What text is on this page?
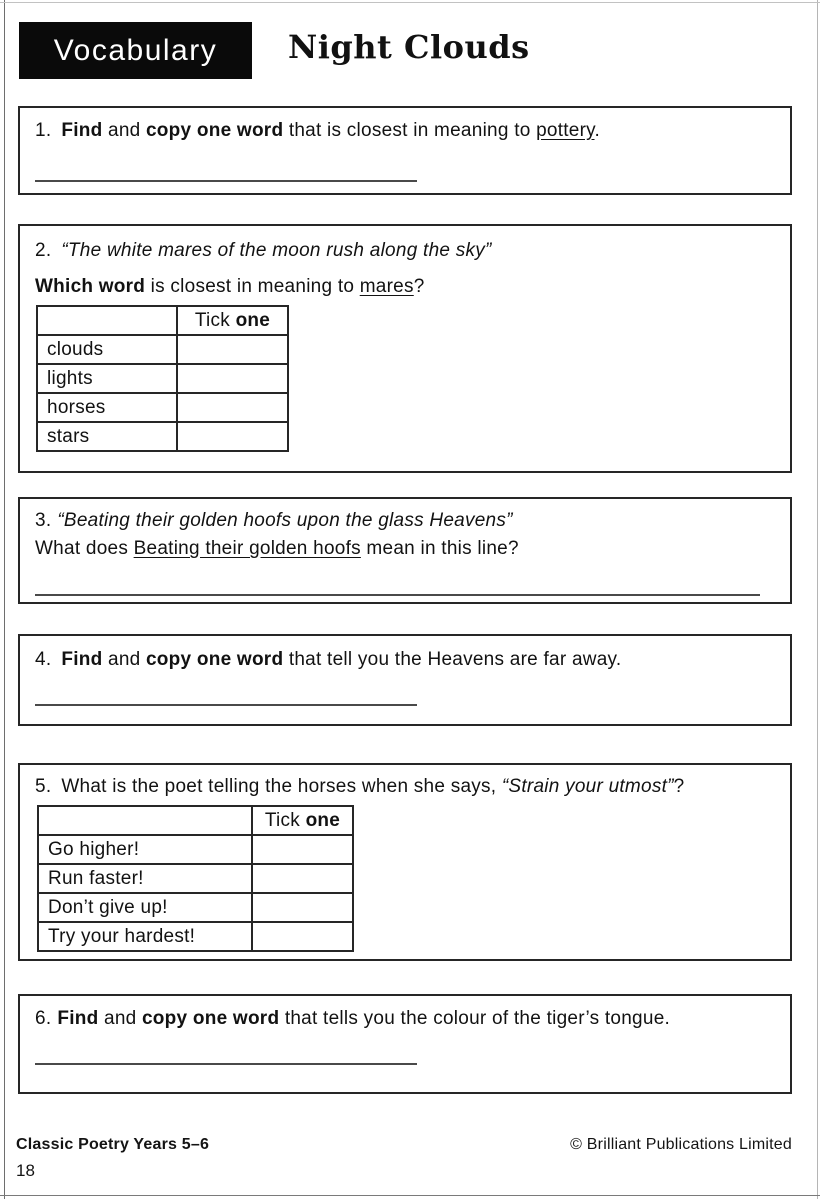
Vocabulary Night Clouds
1. Find and copy one word that is closest in meaning to pottery.
2. “The white mares of the moon rush along the sky”
Which word is closest in meaning to mares?
	Tick one
clouds	
lights	
horses	
stars	
3. “Beating their golden hoofs upon the glass Heavens”
What does Beating their golden hoofs mean in this line?
4. Find and copy one word that tell you the Heavens are far away.
5. What is the poet telling the horses when she says, “Strain your utmost”?
	Tick one
Go higher!	
Run faster!	
Don’t give up!	
Try your hardest!	
6. Find and copy one word that tells you the colour of the tiger’s tongue.
Classic Poetry Years 5–6	© Brilliant Publications Limited
18
